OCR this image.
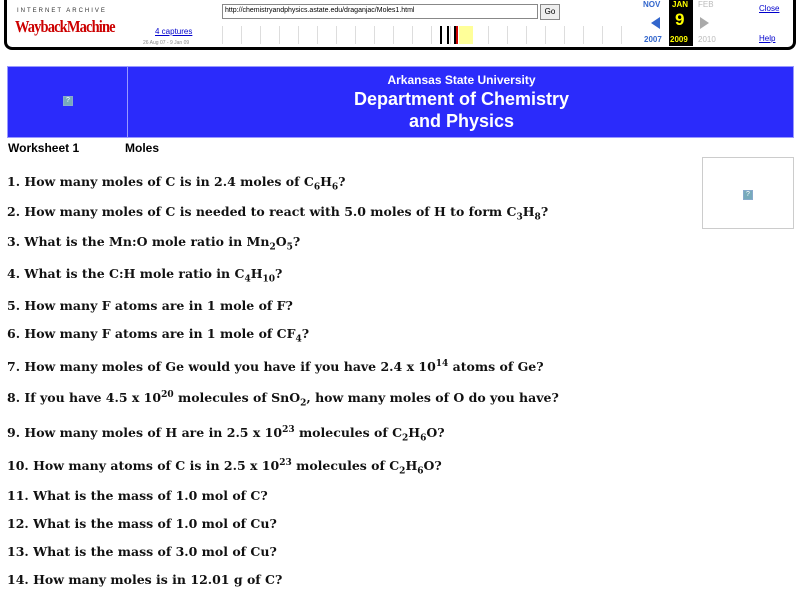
INTERNET ARCHIVE
WaybackMachine
http://chemistryandphysics.astate.edu/draganjac/Moles1.html	Go
4 captures
26 Aug 07 - 9 Jan 09
NOV
2007
JAN
9
2009
FEB
2010
Close
Help
?
Arkansas State University
Department of Chemistry
and Physics
Worksheet 1	Moles
?
1. How many moles of C is in 2.4 moles of $C_6H_6$?
2. How many moles of C is needed to react with 5.0 moles of H to form $C_3H_8$?
3. What is the Mn:O mole ratio in $Mn_2O_5$?
4. What is the C:H mole ratio in $C_4H_{10}$?
5. How many F atoms are in 1 mole of F?
6. How many F atoms are in 1 mole of $CF_4$?
7. How many moles of Ge would you have if you have 2.4 x $10^{14}$ atoms of Ge?
8. If you have 4.5 x $10^{20}$ molecules of SnO$_2$, how many moles of O do you have?
9. How many moles of H are in 2.5 x $10^{23}$ molecules of $C_2H_6O$?
10. How many atoms of C is in 2.5 x $10^{23}$ molecules of $C_2H_6O$?
11. What is the mass of 1.0 mol of C?
12. What is the mass of 1.0 mol of Cu?
13. What is the mass of 3.0 mol of Cu?
14. How many moles is in 12.01 g of C?
